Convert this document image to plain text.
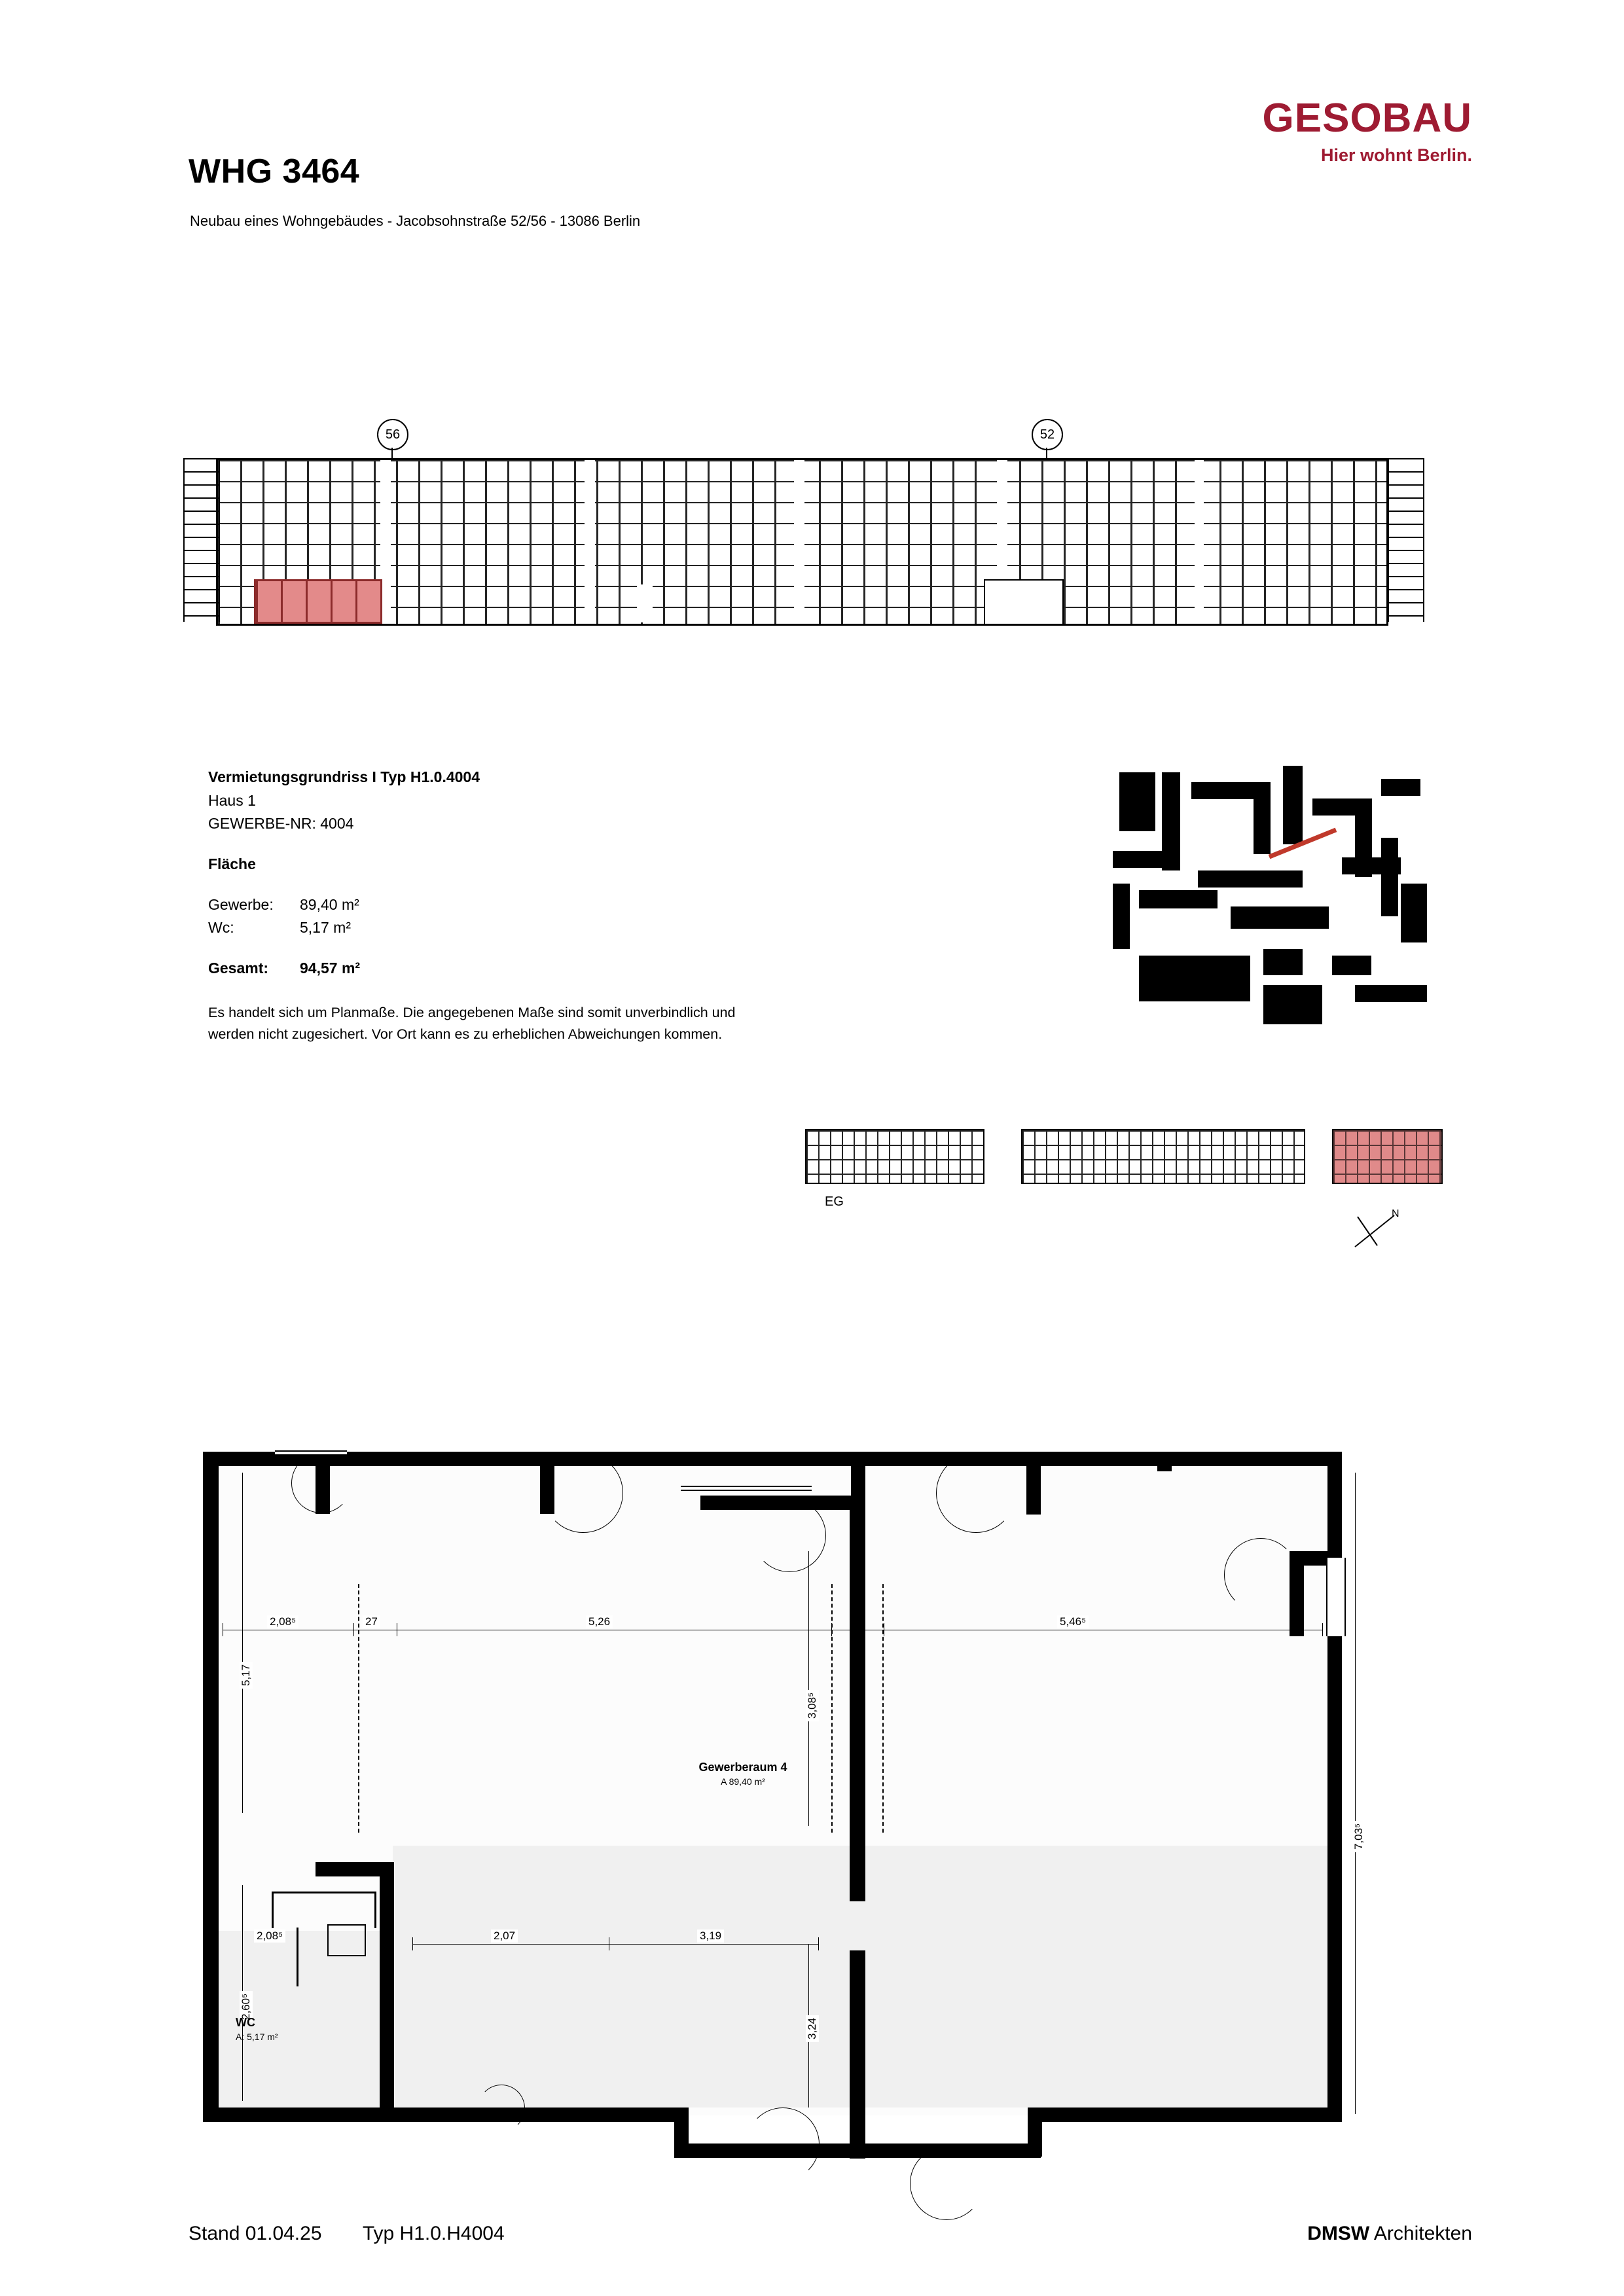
WHG 3464
Neubau eines Wohngebäudes - Jacobsohnstraße 52/56 - 13086 Berlin
GESOBAU
Hier wohnt Berlin.
56	52
Vermietungsgrundriss I Typ H1.0.4004
Haus 1
GEWERBE-NR: 4004
Fläche
Gewerbe:	89,40 m²
Wc:	5,17 m²
Gesamt:	94,57 m²
Es handelt sich um Planmaße. Die angegebenen Maße sind somit unverbindlich und werden nicht zugesichert. Vor Ort kann es zu erheblichen Abweichungen kommen.
EG
N
2,08⁵	27	5,26	5,46⁵
5,17
2,60⁵
3,08⁵
3,24
7,03⁵
2,07	3,19
2,08⁵
Gewerberaum 4
A 89,40 m²
WC
A: 5,17 m²
Stand 01.04.25 Typ H1.0.H4004	DMSW Architekten
